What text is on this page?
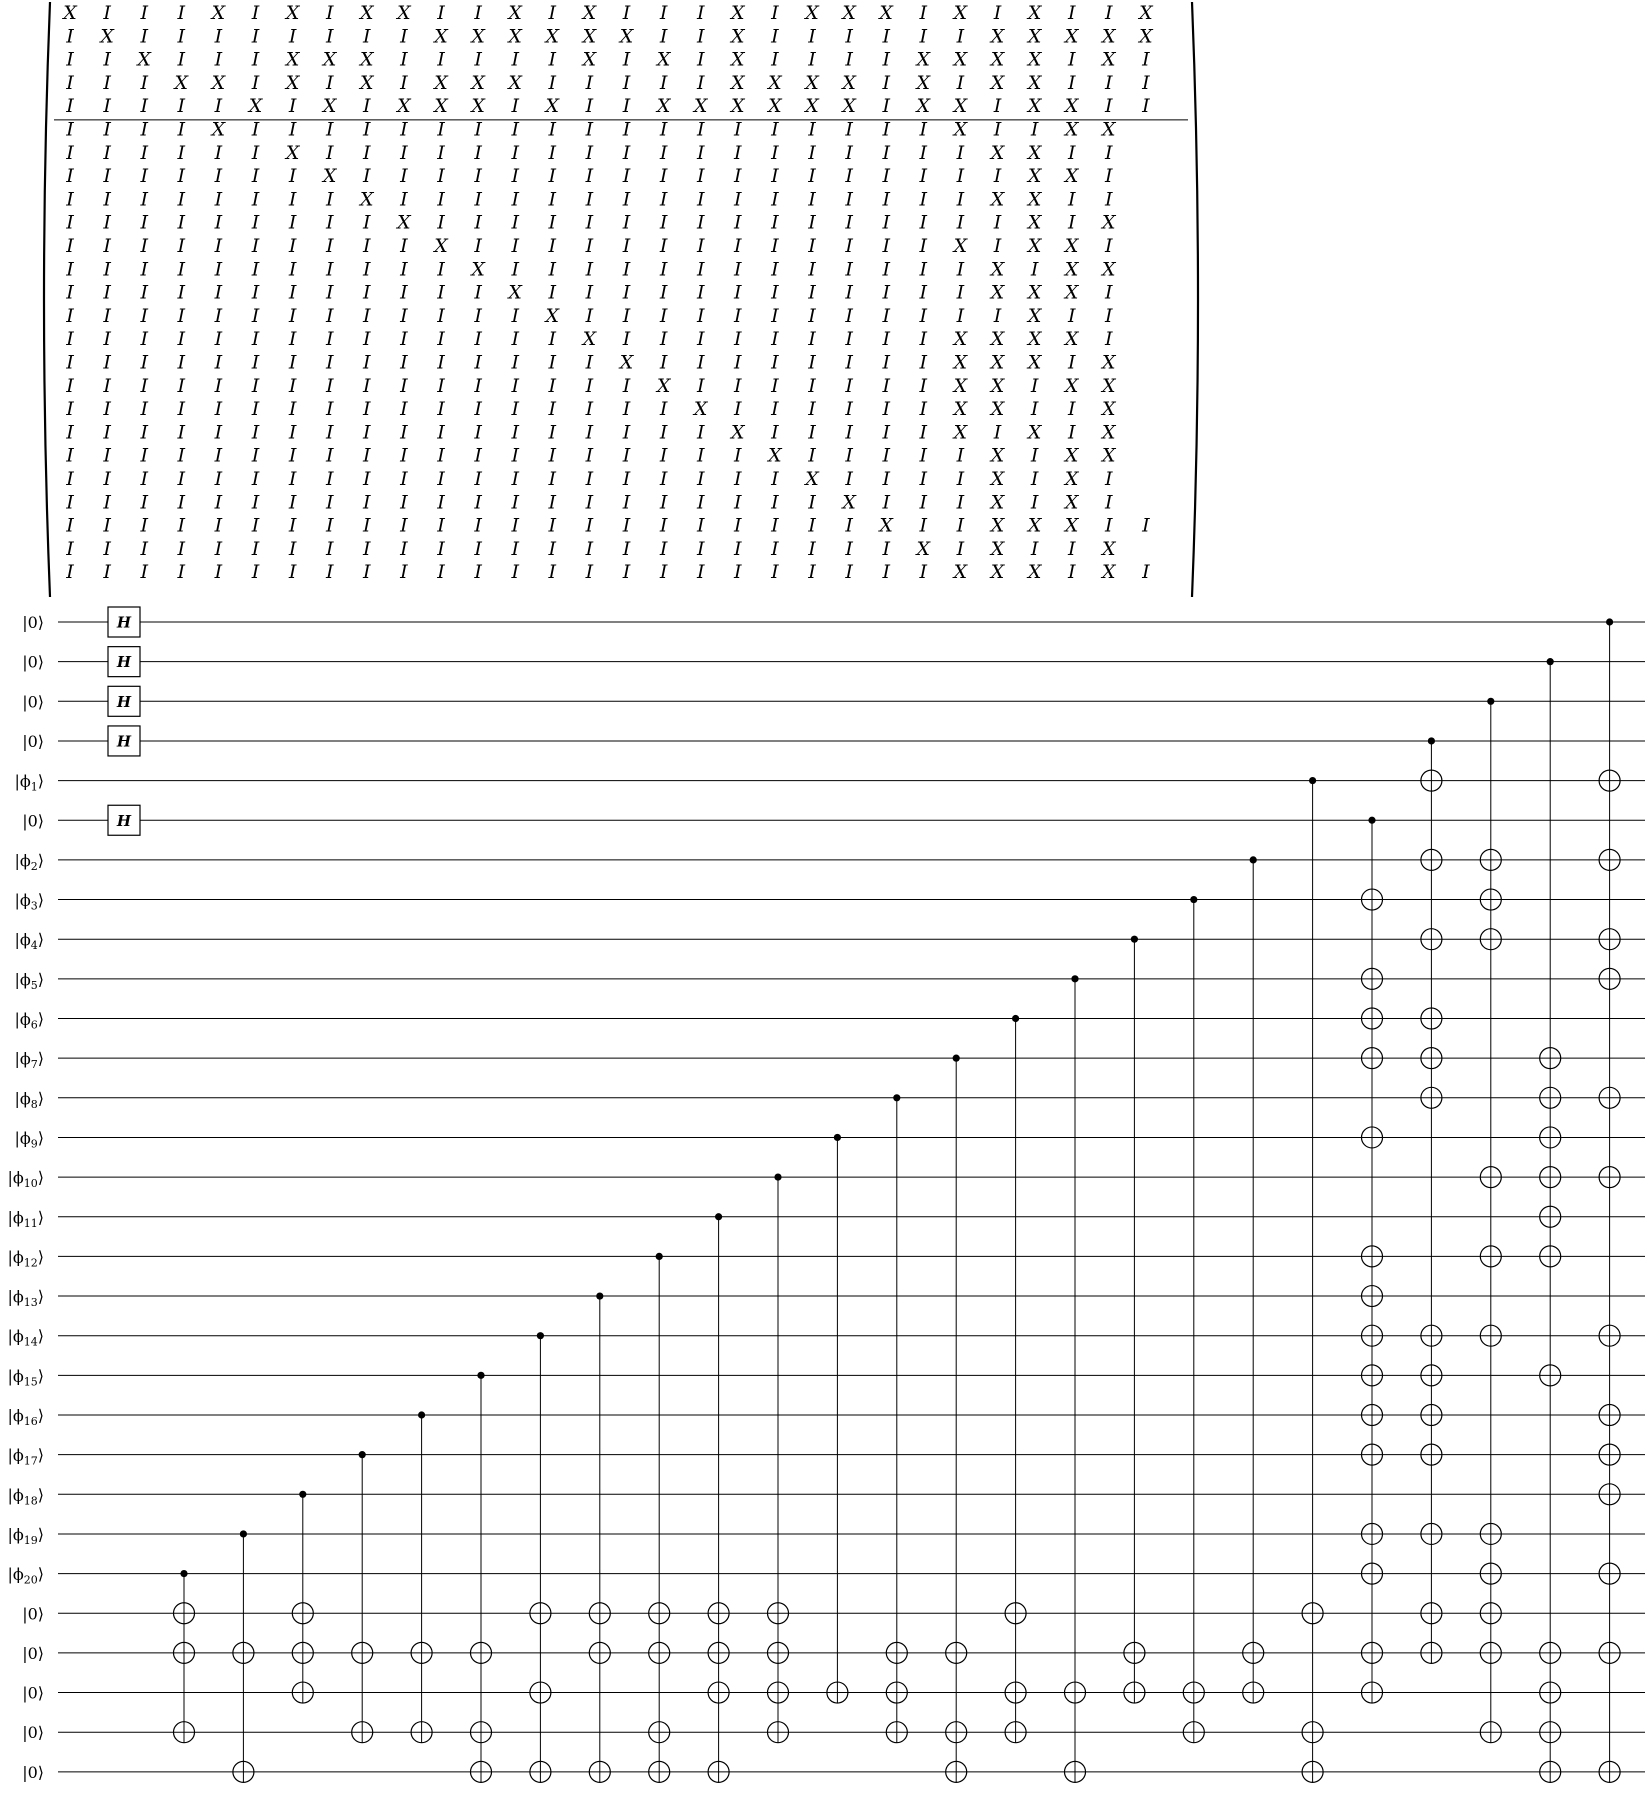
X I I I X I X I X X I I X I X I I I X I X X X I X I X I I X
I X I I I I I I I I X X X X X X I I X I I I I I I X X X X X
I I X I I I X X X I I I I I X I X I X I I I I X X X X I X I
I I I X X I X I X I X X X I I I I I X X X X I X I X X I I I
I I I I I X I X I X X X I X I I X X X X X X I X X I X X I I
I I I I X I I I I I I I I I I I I I I I I I I I X I I X X
I I I I I I X I I I I I I I I I I I I I I I I I I X X I I
I I I I I I I X I I I I I I I I I I I I I I I I I I X X I
I I I I I I I I X I I I I I I I I I I I I I I I I X X I I
I I I I I I I I I X I I I I I I I I I I I I I I I I X I X
I I I I I I I I I I X I I I I I I I I I I I I I X I X X I
I I I I I I I I I I I X I I I I I I I I I I I I I X I X X
I I I I I I I I I I I I X I I I I I I I I I I I I X X X I
I I I I I I I I I I I I I X I I I I I I I I I I I I X I I
I I I I I I I I I I I I I I X I I I I I I I I I X X X X I
I I I I I I I I I I I I I I I X I I I I I I I I X X X I X
I I I I I I I I I I I I I I I I X I I I I I I I X X I X X
I I I I I I I I I I I I I I I I I X I I I I I I X X I I X
I I I I I I I I I I I I I I I I I I X I I I I I X I X I X
I I I I I I I I I I I I I I I I I I I X I I I I I X I X X
I I I I I I I I I I I I I I I I I I I I X I I I I X I X I
I I I I I I I I I I I I I I I I I I I I I X I I I X I X I
I I I I I I I I I I I I I I I I I I I I I I X I I X X X I I
I I I I I I I I I I I I I I I I I I I I I I I X I X I I X
I I I I I I I I I I I I I I I I I I I I I I I I X X X I X I
|0⟩
|0⟩
|0⟩
|0⟩
$|\phi_1⟩$
|0⟩
$|\phi_2⟩$
$|\phi_3⟩$
$|\phi_4⟩$
$|\phi_5⟩$
$|\phi_6⟩$
$|\phi_7⟩$
$|\phi_8⟩$
$|\phi_9⟩$
$|\phi_{10}⟩$
$|\phi_{11}⟩$
$|\phi_{12}⟩$
$|\phi_{13}⟩$
$|\phi_{14}⟩$
$|\phi_{15}⟩$
$|\phi_{16}⟩$
$|\phi_{17}⟩$
$|\phi_{18}⟩$
$|\phi_{19}⟩$
$|\phi_{20}⟩$
|0⟩
|0⟩
|0⟩
|0⟩
|0⟩
H
H
H
H
H
